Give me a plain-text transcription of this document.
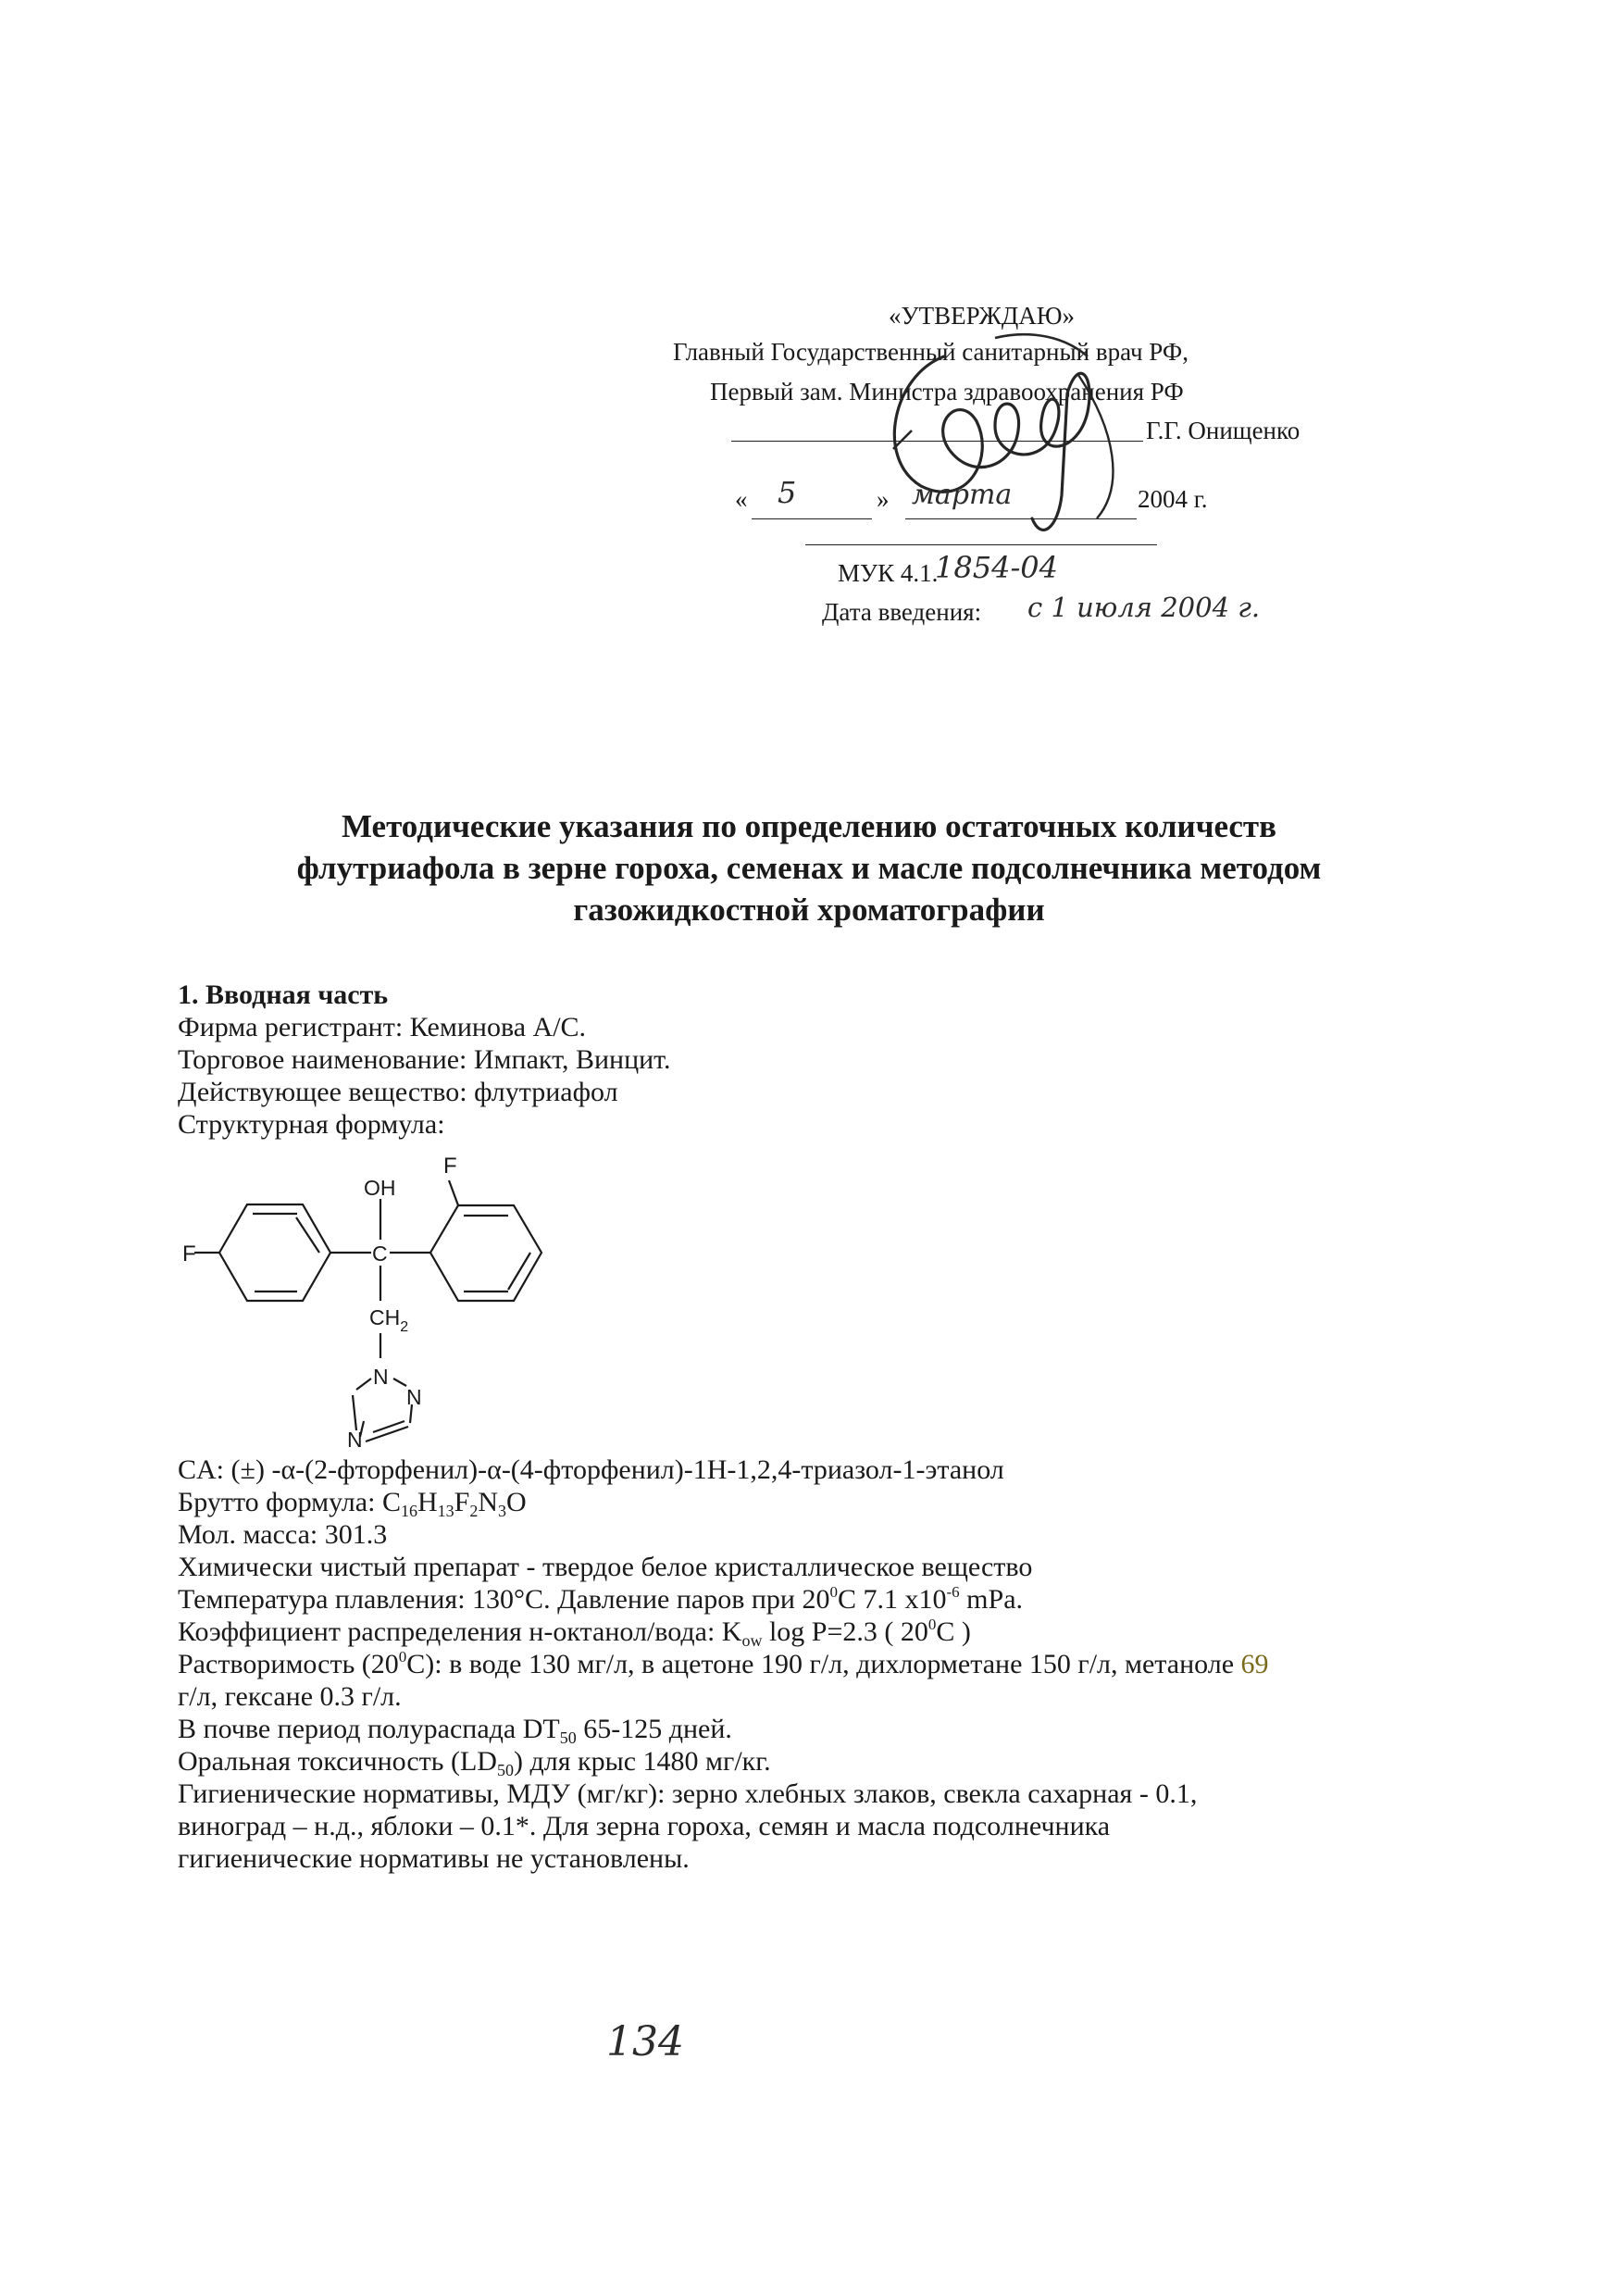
«УТВЕРЖДАЮ»
Главный Государственный санитарный врач РФ,
Первый зам. Министра здравоохранения РФ
Г.Г. Онищенко
« 5	» марта	2004 г.
МУК 4.1.
1854-04
Дата введения: с 1 июля 2004 г.
Методические указания по определению остаточных количеств
флутриафола в зерне гороха, семенах и масле подсолнечника методом
газожидкостной хроматографии

1. Вводная часть

Фирма регистрант: Кеминова А/С.

Торговое наименование: Импакт, Винцит.

Действующее вещество: флутриафол

Структурная формула:

F
F
OH
C
$CH_2$
N
N
N

CA: (±) -α-(2-фторфенил)-α-(4-фторфенил)-1Н-1,2,4-триазол-1-этанол

Брутто формула: $C_{16}H_{13}F_2N_3O$

Мол. масса: 301.3

Химически чистый препарат - твердое белое кристаллическое вещество

Температура плавления: 130°С. Давление паров при $20^0С$ 7.1 $х10^{-6}$ mPa.

Коэффициент распределения н-октанол/вода: $K_{ow}$ log P=2.3 ( $20^0C$ )

Растворимость $(20^0С)$: в воде 130 мг/л, в ацетоне 190 г/л, дихлорметане 150 г/л, метаноле 69

г/л, гексане 0.3 г/л.

В почве период полураспада $DT_{50}$ 65-125 дней.

Оральная токсичность $(LD_{50})$ для крыс 1480 мг/кг.

Гигиенические нормативы, МДУ (мг/кг): зерно хлебных злаков, свекла сахарная - 0.1,

виноград – н.д., яблоки – 0.1*. Для зерна гороха, семян и масла подсолнечника

гигиенические нормативы не установлены.

134
